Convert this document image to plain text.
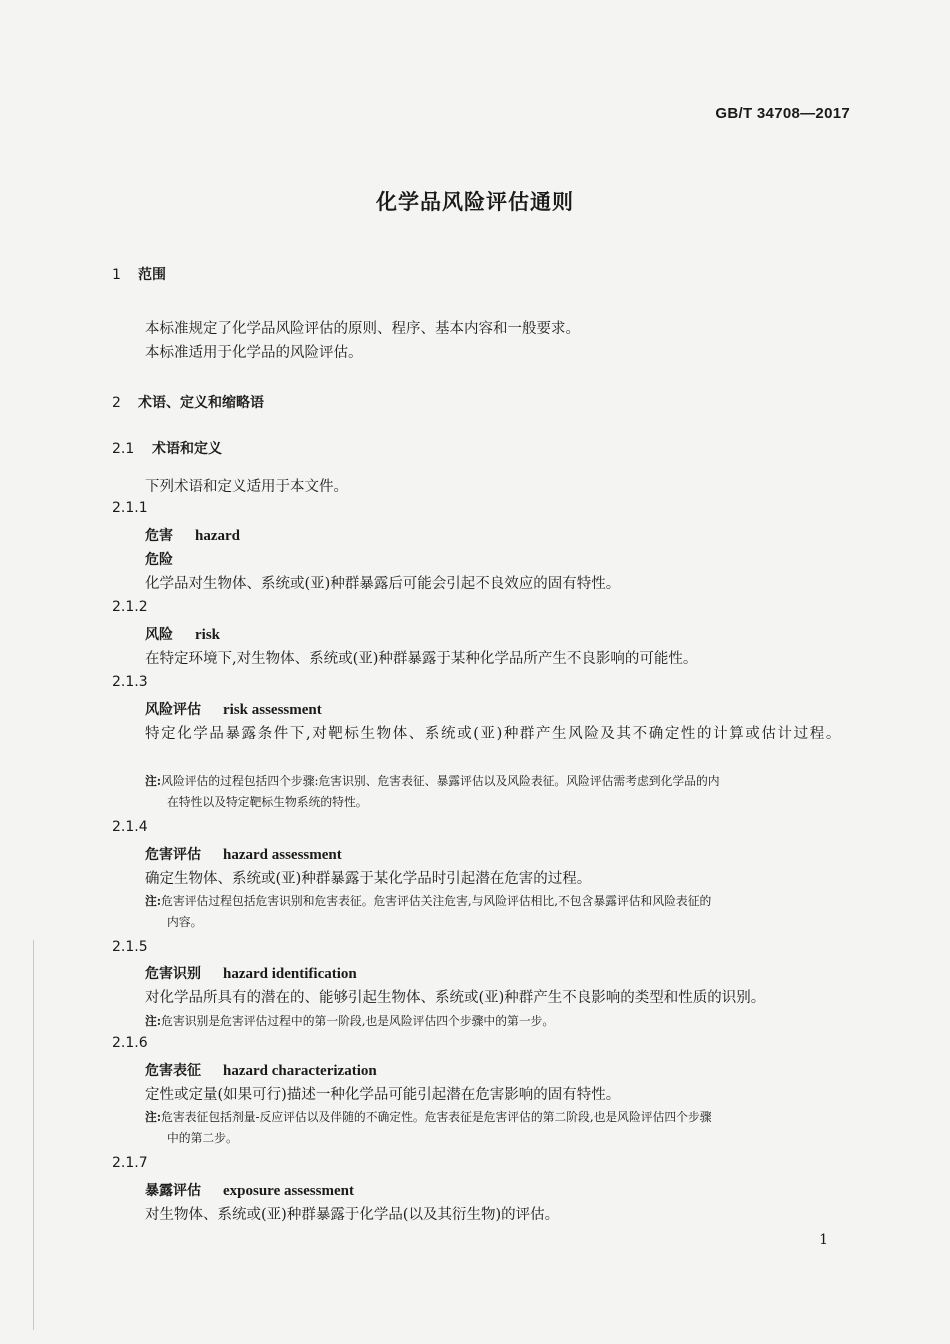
GB/T 34708—2017
化学品风险评估通则
1 范围
本标准规定了化学品风险评估的原则、程序、基本内容和一般要求。
本标准适用于化学品的风险评估。
2 术语、定义和缩略语
2.1 术语和定义
下列术语和定义适用于本文件。
2.1.1
危害 hazard
危险
化学品对生物体、系统或(亚)种群暴露后可能会引起不良效应的固有特性。
2.1.2
风险 risk
在特定环境下,对生物体、系统或(亚)种群暴露于某种化学品所产生不良影响的可能性。
2.1.3
风险评估 risk assessment
特定化学品暴露条件下,对靶标生物体、系统或(亚)种群产生风险及其不确定性的计算或估计过程。
注:风险评估的过程包括四个步骤:危害识别、危害表征、暴露评估以及风险表征。风险评估需考虑到化学品的内
在特性以及特定靶标生物系统的特性。
2.1.4
危害评估 hazard assessment
确定生物体、系统或(亚)种群暴露于某化学品时引起潜在危害的过程。
注:危害评估过程包括危害识别和危害表征。危害评估关注危害,与风险评估相比,不包含暴露评估和风险表征的
内容。
2.1.5
危害识别 hazard identification
对化学品所具有的潜在的、能够引起生物体、系统或(亚)种群产生不良影响的类型和性质的识别。
注:危害识别是危害评估过程中的第一阶段,也是风险评估四个步骤中的第一步。
2.1.6
危害表征 hazard characterization
定性或定量(如果可行)描述一种化学品可能引起潜在危害影响的固有特性。
注:危害表征包括剂量-反应评估以及伴随的不确定性。危害表征是危害评估的第二阶段,也是风险评估四个步骤
中的第二步。
2.1.7
暴露评估 exposure assessment
对生物体、系统或(亚)种群暴露于化学品(以及其衍生物)的评估。
1
